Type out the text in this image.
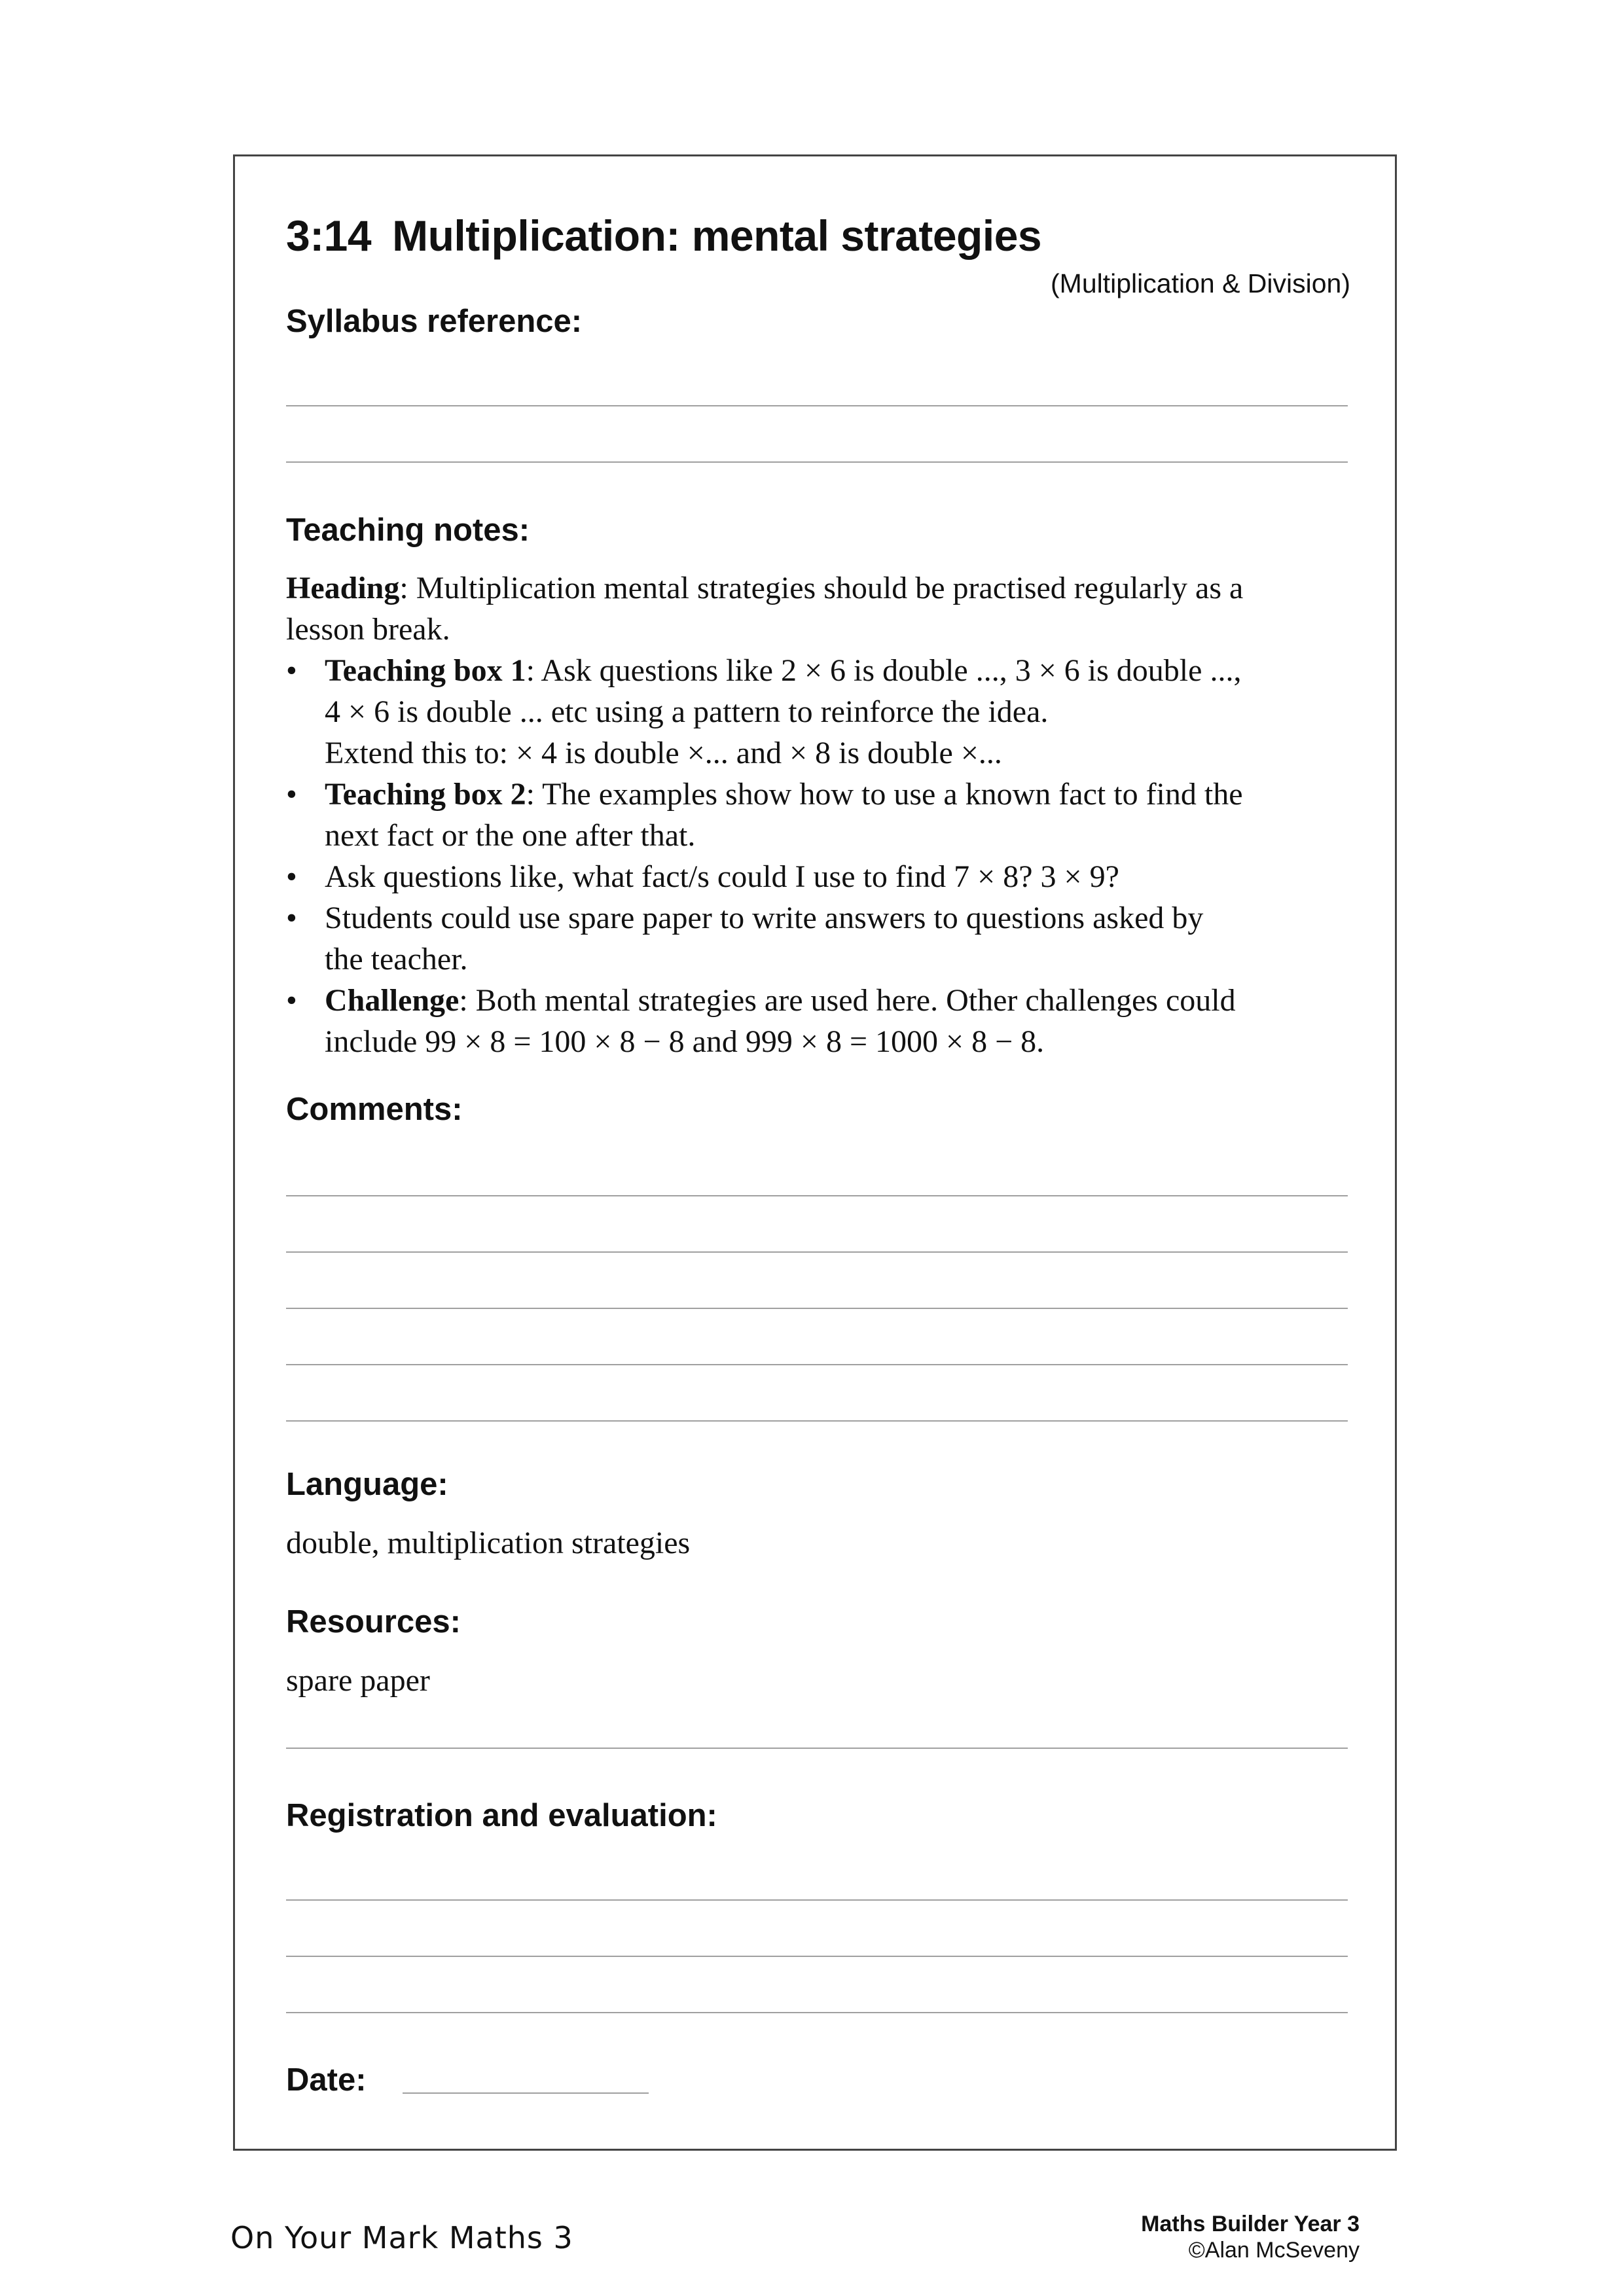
3:14 Multiplication: mental strategies
(Multiplication & Division)
Syllabus reference:
Teaching notes:

Heading: Multiplication mental strategies should be practised regularly as a

lesson break.

• Teaching box 1: Ask questions like 2 × 6 is double ..., 3 × 6 is double ...,
4 × 6 is double ... etc using a pattern to reinforce the idea.
Extend this to: × 4 is double ×... and × 8 is double ×...
• Teaching box 2: The examples show how to use a known fact to find the
next fact or the one after that.
• Ask questions like, what fact/s could I use to find 7 × 8? 3 × 9?
• Students could use spare paper to write answers to questions asked by
the teacher.
• Challenge: Both mental strategies are used here. Other challenges could
include 99 × 8 = 100 × 8 − 8 and 999 × 8 = 1000 × 8 − 8.
Comments:
Language:
double, multiplication strategies
Resources:
spare paper
Registration and evaluation:
Date:
On Your Mark Maths 3	Maths Builder Year 3
©Alan McSeveny
